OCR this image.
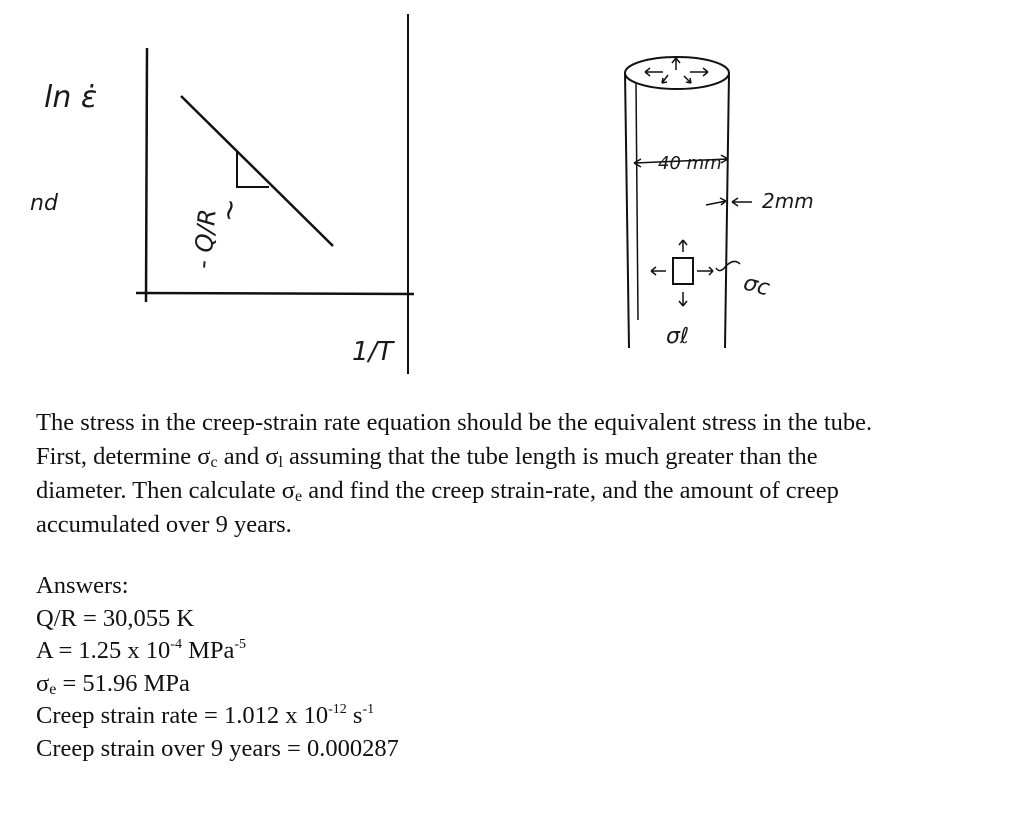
ln ε̇
nd	~
- Q/R
1/T
40 mm
2mm
σc
σℓ

The stress in the creep-strain rate equation should be the equivalent stress in the tube.

First, determine $\sigma_c$ and $\sigma_l$ assuming that the tube length is much greater than the

diameter. Then calculate $\sigma_e$ and find the creep strain-rate, and the amount of creep

accumulated over 9 years.

Answers:
Q/R = 30,055 K
A = 1.25 x $10^{-4}$ MPa$^{-5}$
$\sigma_e = 51.96$ MPa
Creep strain rate = 1.012 x $10^{-12}$ $s^{-1}$
Creep strain over 9 years = 0.000287
